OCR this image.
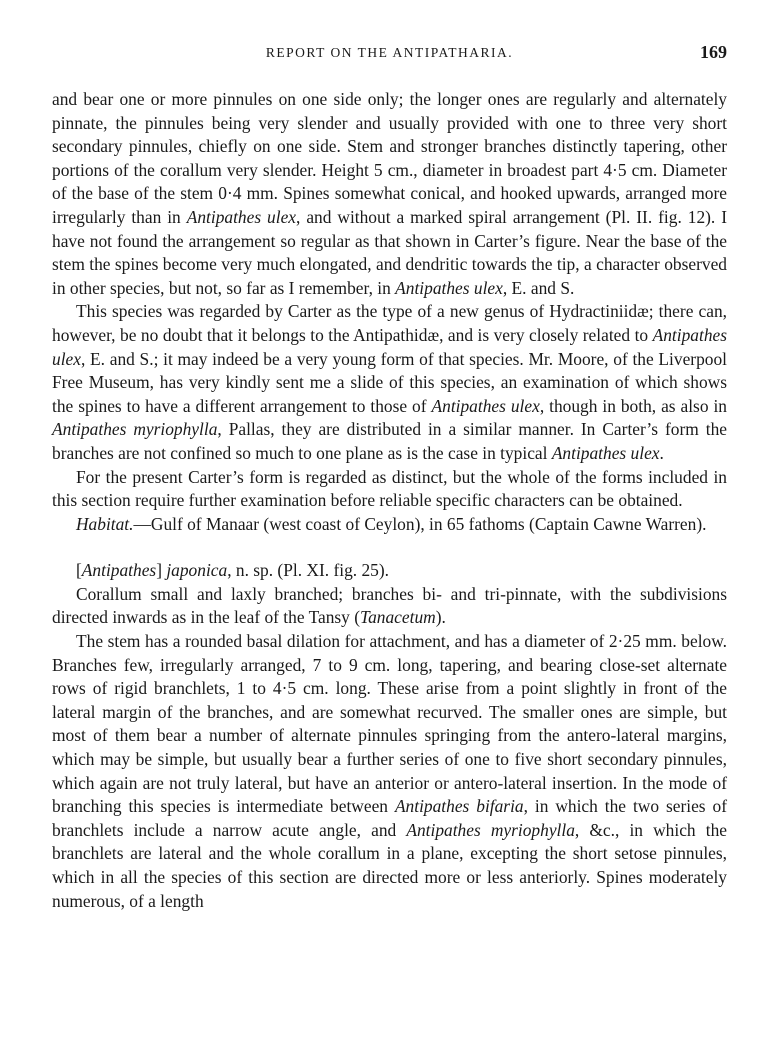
REPORT ON THE ANTIPATHARIA.	169

and bear one or more pinnules on one side only; the longer ones are regularly and alternately pinnate, the pinnules being very slender and usually provided with one to three very short secondary pinnules, chiefly on one side. Stem and stronger branches distinctly tapering, other portions of the corallum very slender. Height 5 cm., diameter in broadest part 4·5 cm. Diameter of the base of the stem 0·4 mm. Spines somewhat conical, and hooked upwards, arranged more irregularly than in Antipathes ulex, and without a marked spiral arrangement (Pl. II. fig. 12). I have not found the arrangement so regular as that shown in Carter’s figure. Near the base of the stem the spines become very much elongated, and dendritic towards the tip, a character observed in other species, but not, so far as I remember, in Antipathes ulex, E. and S.

This species was regarded by Carter as the type of a new genus of Hydractiniidæ; there can, however, be no doubt that it belongs to the Antipathidæ, and is very closely related to Antipathes ulex, E. and S.; it may indeed be a very young form of that species. Mr. Moore, of the Liverpool Free Museum, has very kindly sent me a slide of this species, an examination of which shows the spines to have a different arrangement to those of Antipathes ulex, though in both, as also in Antipathes myriophylla, Pallas, they are distributed in a similar manner. In Carter’s form the branches are not confined so much to one plane as is the case in typical Antipathes ulex.

For the present Carter’s form is regarded as distinct, but the whole of the forms included in this section require further examination before reliable specific characters can be obtained.

Habitat.—Gulf of Manaar (west coast of Ceylon), in 65 fathoms (Captain Cawne Warren).

[Antipathes] japonica, n. sp. (Pl. XI. fig. 25).

Corallum small and laxly branched; branches bi- and tri-pinnate, with the subdivisions directed inwards as in the leaf of the Tansy (Tanacetum).

The stem has a rounded basal dilation for attachment, and has a diameter of 2·25 mm. below. Branches few, irregularly arranged, 7 to 9 cm. long, tapering, and bearing close-set alternate rows of rigid branchlets, 1 to 4·5 cm. long. These arise from a point slightly in front of the lateral margin of the branches, and are somewhat recurved. The smaller ones are simple, but most of them bear a number of alternate pinnules springing from the antero-lateral margins, which may be simple, but usually bear a further series of one to five short secondary pinnules, which again are not truly lateral, but have an anterior or antero-lateral insertion. In the mode of branching this species is intermediate between Antipathes bifaria, in which the two series of branchlets include a narrow acute angle, and Antipathes myriophylla, &c., in which the branchlets are lateral and the whole corallum in a plane, excepting the short setose pinnules, which in all the species of this section are directed more or less anteriorly. Spines moderately numerous, of a length
